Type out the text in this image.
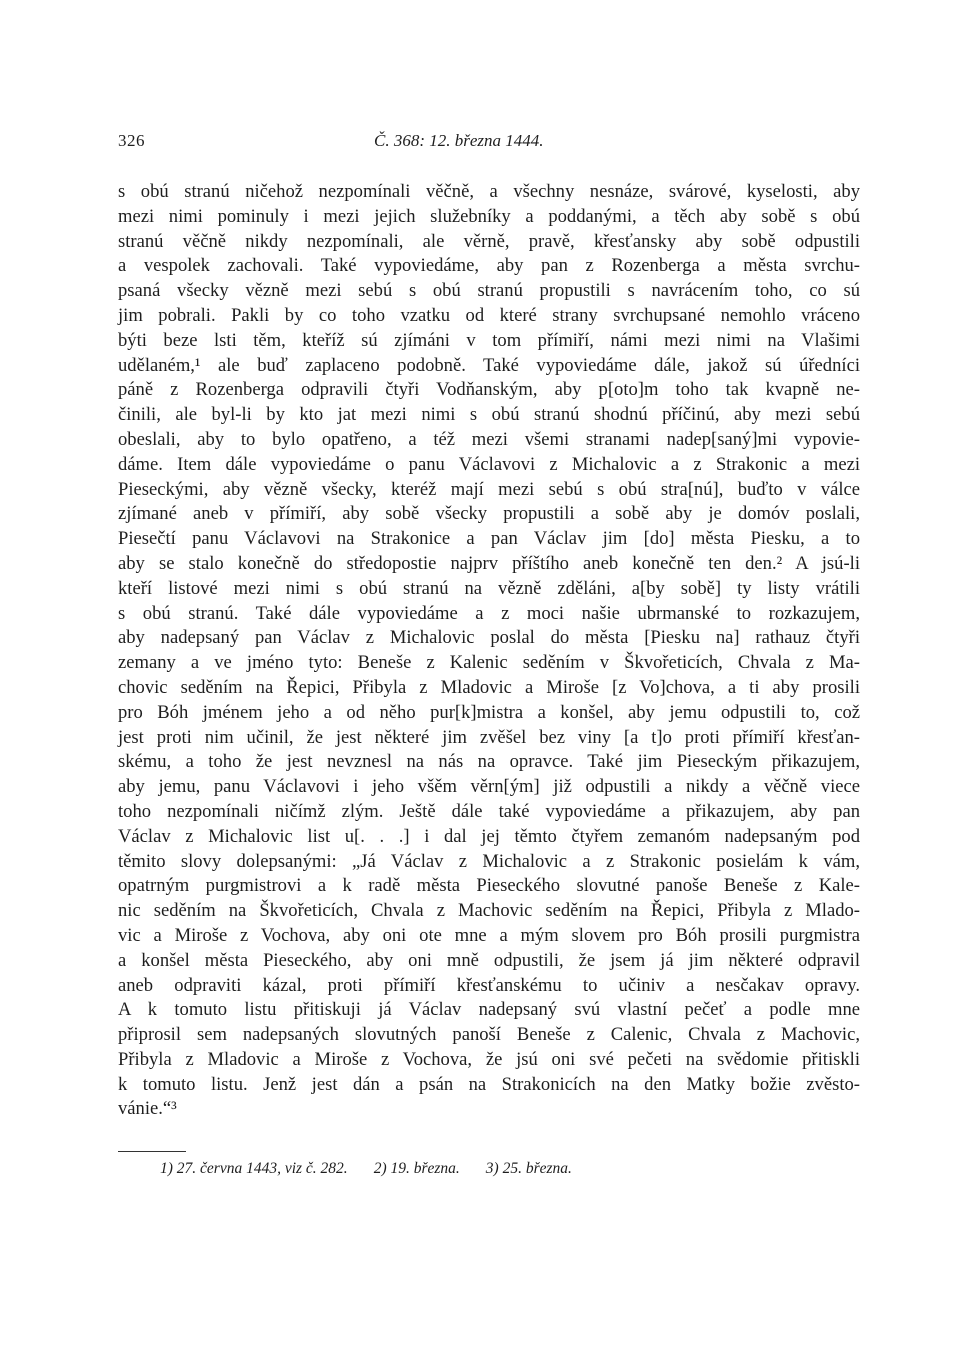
326	Č. 368: 12. března 1444.
s obú stranú ničehož nezpomínali věčně, a všechny nesnáze, svárové, kyselosti, aby
mezi nimi pominuly i mezi jejich služebníky a poddanými, a těch aby sobě s obú
stranú věčně nikdy nezpomínali, ale věrně, pravě, křesťansky aby sobě odpustili
a vespolek zachovali. Také vypoviedáme, aby pan z Rozenberga a města svrchu-
psaná všecky vězně mezi sebú s obú stranú propustili s navrácením toho, co sú
jim pobrali. Pakli by co toho vzatku od které strany svrchupsané nemohlo vráceno
býti beze lsti těm, kteříž sú zjímáni v tom přímiří, námi mezi nimi na Vlašimi
udělaném,¹ ale buď zaplaceno podobně. Také vypoviedáme dále, jakož sú úředníci
páně z Rozenberga odpravili čtyři Vodňanským, aby p[oto]m toho tak kvapně ne-
činili, ale byl-li by kto jat mezi nimi s obú stranú shodnú příčinú, aby mezi sebú
obeslali, aby to bylo opatřeno, a též mezi všemi stranami nadep[saný]mi vypovie-
dáme. Item dále vypoviedáme o panu Václavovi z Michalovic a z Strakonic a mezi
Pieseckými, aby vězně všecky, kteréž mají mezi sebú s obú stra[nú], buďto v válce
zjímané aneb v přímiří, aby sobě všecky propustili a sobě aby je domóv poslali,
Piesečtí panu Václavovi na Strakonice a pan Václav jim [do] města Piesku, a to
aby se stalo konečně do středopostie najprv příštího aneb konečně ten den.² A jsú-li
kteří listové mezi nimi s obú stranú na vězně zděláni, a[by sobě] ty listy vrátili
s obú stranú. Také dále vypoviedáme a z moci našie ubrmanské to rozkazujem,
aby nadepsaný pan Václav z Michalovic poslal do města [Piesku na] rathauz čtyři
zemany a ve jméno tyto: Beneše z Kalenic seděním v Škvořeticích, Chvala z Ma-
chovic seděním na Řepici, Přibyla z Mladovic a Miroše [z Vo]chova, a ti aby prosili
pro Bóh jménem jeho a od něho pur[k]mistra a konšel, aby jemu odpustili to, což
jest proti nim učinil, že jest některé jim zvěšel bez viny [a t]o proti přímiří křesťan-
skému, a toho že jest nevznesl na nás na opravce. Také jim Pieseckým přikazujem,
aby jemu, panu Václavovi i jeho všěm věrn[ým] již odpustili a nikdy a věčně viece
toho nezpomínali ničímž zlým. Ještě dále také vypoviedáme a přikazujem, aby pan
Václav z Michalovic list u[. . .] i dal jej těmto čtyřem zemanóm nadepsaným pod
těmito slovy dolepsanými: „Já Václav z Michalovic a z Strakonic posielám k vám,
opatrným purgmistrovi a k radě města Pieseckého slovutné panoše Beneše z Kale-
nic seděním na Škvořeticích, Chvala z Machovic seděním na Řepici, Přibyla z Mlado-
vic a Miroše z Vochova, aby oni ote mne a mým slovem pro Bóh prosili purgmistra
a konšel města Pieseckého, aby oni mně odpustili, že jsem já jim některé odpravil
aneb odpraviti kázal, proti přímiří křesťanskému to učiniv a nesčakav opravy.
A k tomuto listu přitiskuji já Václav nadepsaný svú vlastní pečeť a podle mne
připrosil sem nadepsaných slovutných panoší Beneše z Calenic, Chvala z Machovic,
Přibyla z Mladovic a Miroše z Vochova, že jsú oni své pečeti na svědomie přitiskli
k tomuto listu. Jenž jest dán a psán na Strakonicích na den Matky božie zvěsto-
vánie.“³
1) 27. června 1443, viz č. 282. 2) 19. března. 3) 25. března.
